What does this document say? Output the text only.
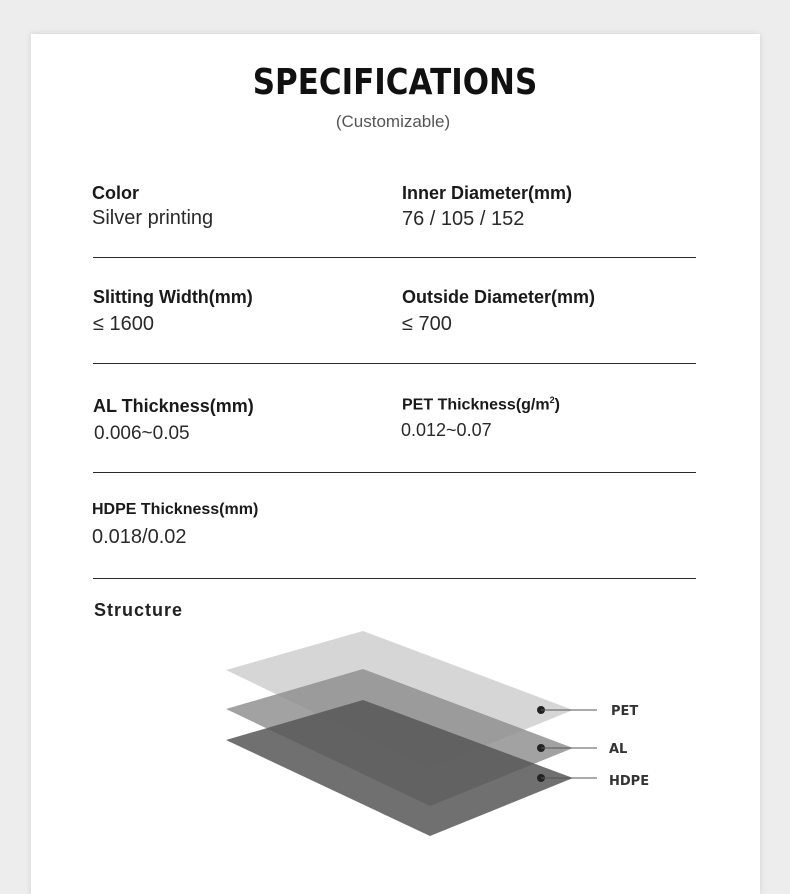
SPECIFICATIONS
(Customizable)
Color
Silver printing
Inner Diameter(mm)
76 / 105 / 152
Slitting Width(mm)
≤ 1600
Outside Diameter(mm)
≤ 700
AL Thickness(mm)
0.006~0.05
PET $Thickness(g/m^2)$
0.012~0.07
HDPE Thickness(mm)
0.018/0.02
Structure
PET
AL
HDPE
